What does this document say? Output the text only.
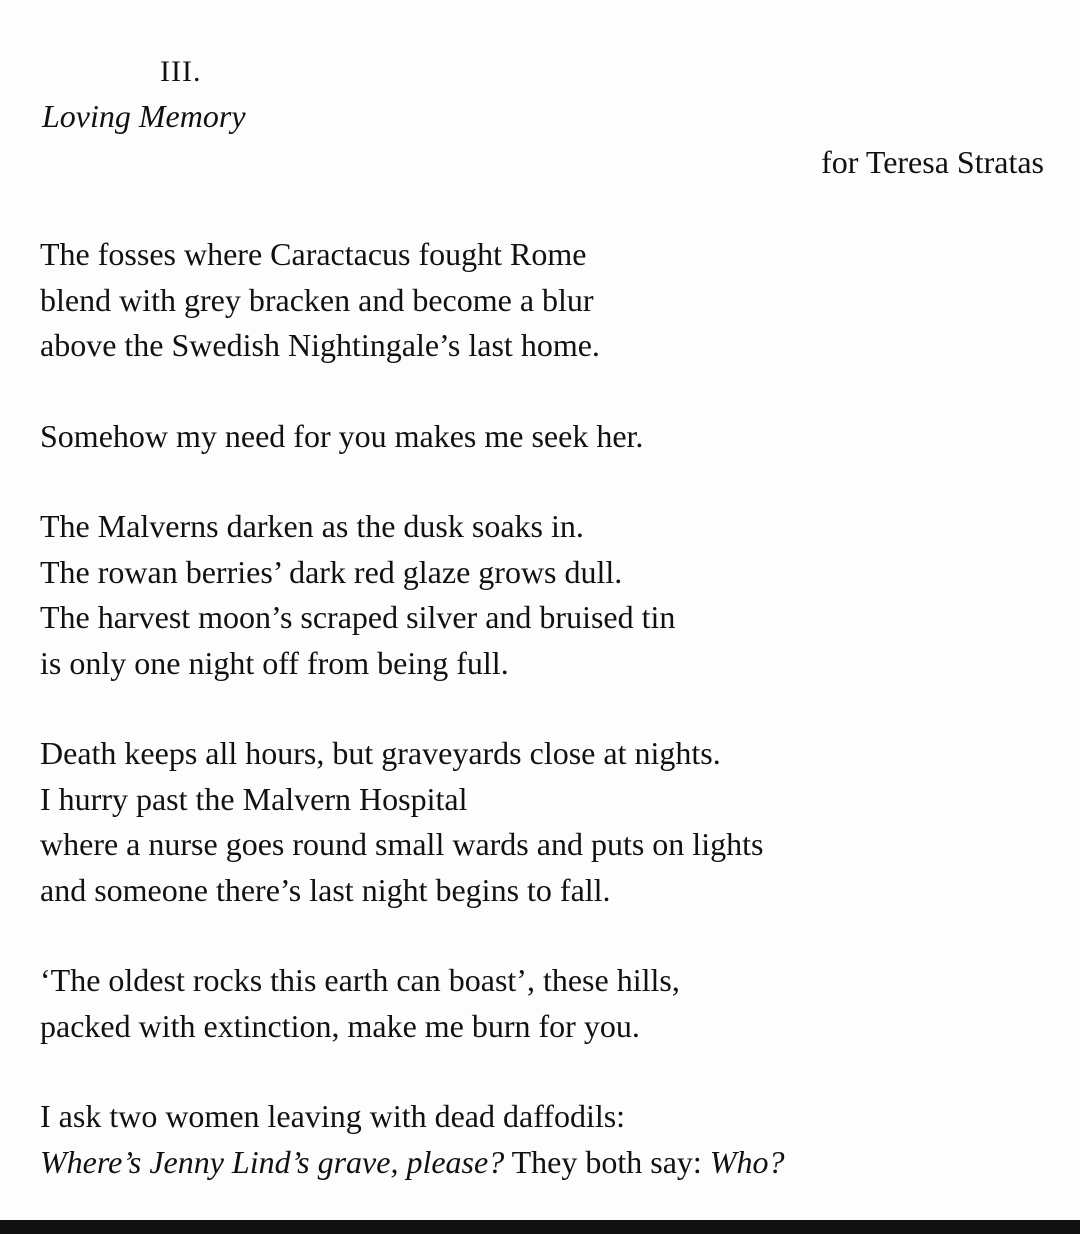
III.
Loving Memory
for Teresa Stratas
The fosses where Caractacus fought Rome
blend with grey bracken and become a blur
above the Swedish Nightingale’s last home.
Somehow my need for you makes me seek her.
The Malverns darken as the dusk soaks in.
The rowan berries’ dark red glaze grows dull.
The harvest moon’s scraped silver and bruised tin
is only one night off from being full.
Death keeps all hours, but graveyards close at nights.
I hurry past the Malvern Hospital
where a nurse goes round small wards and puts on lights
and someone there’s last night begins to fall.
‘The oldest rocks this earth can boast’, these hills,
packed with extinction, make me burn for you.
I ask two women leaving with dead daffodils:
Where’s Jenny Lind’s grave, please? They both say: Who?
